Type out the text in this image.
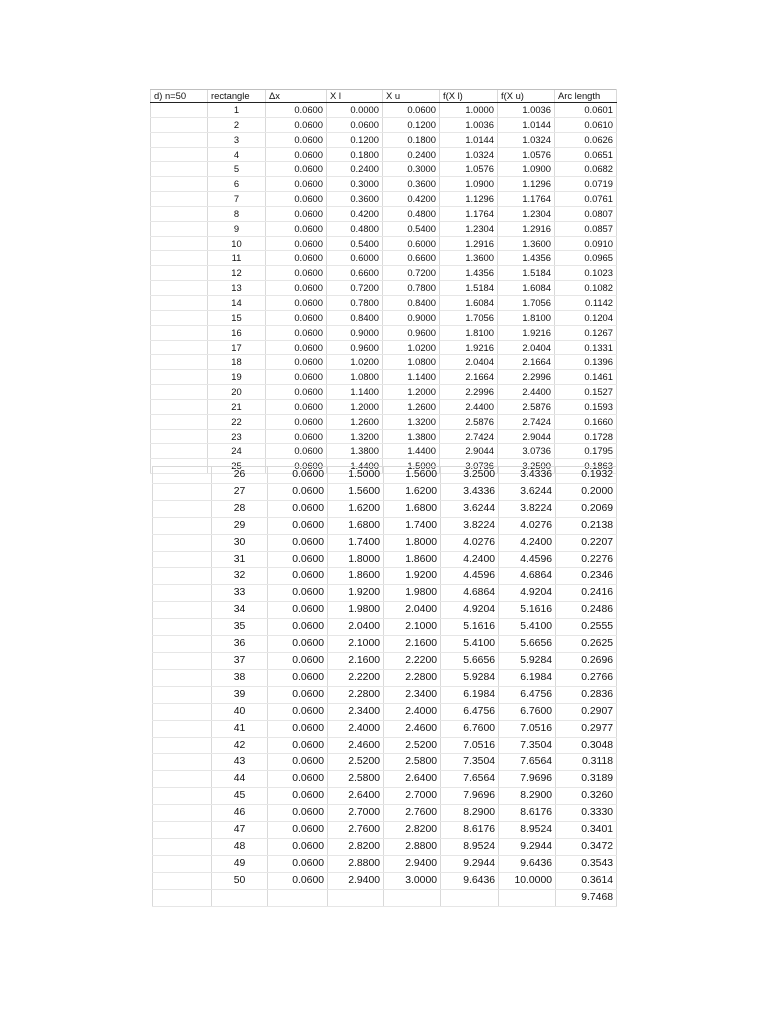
d) n=50	rectangle	Δx	X l	X u	f(X l)	f(X u)	Arc length
	1	0.0600	0.0000	0.0600	1.0000	1.0036	0.0601
	2	0.0600	0.0600	0.1200	1.0036	1.0144	0.0610
	3	0.0600	0.1200	0.1800	1.0144	1.0324	0.0626
	4	0.0600	0.1800	0.2400	1.0324	1.0576	0.0651
	5	0.0600	0.2400	0.3000	1.0576	1.0900	0.0682
	6	0.0600	0.3000	0.3600	1.0900	1.1296	0.0719
	7	0.0600	0.3600	0.4200	1.1296	1.1764	0.0761
	8	0.0600	0.4200	0.4800	1.1764	1.2304	0.0807
	9	0.0600	0.4800	0.5400	1.2304	1.2916	0.0857
	10	0.0600	0.5400	0.6000	1.2916	1.3600	0.0910
	11	0.0600	0.6000	0.6600	1.3600	1.4356	0.0965
	12	0.0600	0.6600	0.7200	1.4356	1.5184	0.1023
	13	0.0600	0.7200	0.7800	1.5184	1.6084	0.1082
	14	0.0600	0.7800	0.8400	1.6084	1.7056	0.1142
	15	0.0600	0.8400	0.9000	1.7056	1.8100	0.1204
	16	0.0600	0.9000	0.9600	1.8100	1.9216	0.1267
	17	0.0600	0.9600	1.0200	1.9216	2.0404	0.1331
	18	0.0600	1.0200	1.0800	2.0404	2.1664	0.1396
	19	0.0600	1.0800	1.1400	2.1664	2.2996	0.1461
	20	0.0600	1.1400	1.2000	2.2996	2.4400	0.1527
	21	0.0600	1.2000	1.2600	2.4400	2.5876	0.1593
	22	0.0600	1.2600	1.3200	2.5876	2.7424	0.1660
	23	0.0600	1.3200	1.3800	2.7424	2.9044	0.1728
	24	0.0600	1.3800	1.4400	2.9044	3.0736	0.1795
	25	0.0600	1.4400	1.5000	3.0736	3.2500	0.1863
	26	0.0600	1.5000	1.5600	3.2500	3.4336	0.1932
	27	0.0600	1.5600	1.6200	3.4336	3.6244	0.2000
	28	0.0600	1.6200	1.6800	3.6244	3.8224	0.2069
	29	0.0600	1.6800	1.7400	3.8224	4.0276	0.2138
	30	0.0600	1.7400	1.8000	4.0276	4.2400	0.2207
	31	0.0600	1.8000	1.8600	4.2400	4.4596	0.2276
	32	0.0600	1.8600	1.9200	4.4596	4.6864	0.2346
	33	0.0600	1.9200	1.9800	4.6864	4.9204	0.2416
	34	0.0600	1.9800	2.0400	4.9204	5.1616	0.2486
	35	0.0600	2.0400	2.1000	5.1616	5.4100	0.2555
	36	0.0600	2.1000	2.1600	5.4100	5.6656	0.2625
	37	0.0600	2.1600	2.2200	5.6656	5.9284	0.2696
	38	0.0600	2.2200	2.2800	5.9284	6.1984	0.2766
	39	0.0600	2.2800	2.3400	6.1984	6.4756	0.2836
	40	0.0600	2.3400	2.4000	6.4756	6.7600	0.2907
	41	0.0600	2.4000	2.4600	6.7600	7.0516	0.2977
	42	0.0600	2.4600	2.5200	7.0516	7.3504	0.3048
	43	0.0600	2.5200	2.5800	7.3504	7.6564	0.3118
	44	0.0600	2.5800	2.6400	7.6564	7.9696	0.3189
	45	0.0600	2.6400	2.7000	7.9696	8.2900	0.3260
	46	0.0600	2.7000	2.7600	8.2900	8.6176	0.3330
	47	0.0600	2.7600	2.8200	8.6176	8.9524	0.3401
	48	0.0600	2.8200	2.8800	8.9524	9.2944	0.3472
	49	0.0600	2.8800	2.9400	9.2944	9.6436	0.3543
	50	0.0600	2.9400	3.0000	9.6436	10.0000	0.3614
							9.7468
